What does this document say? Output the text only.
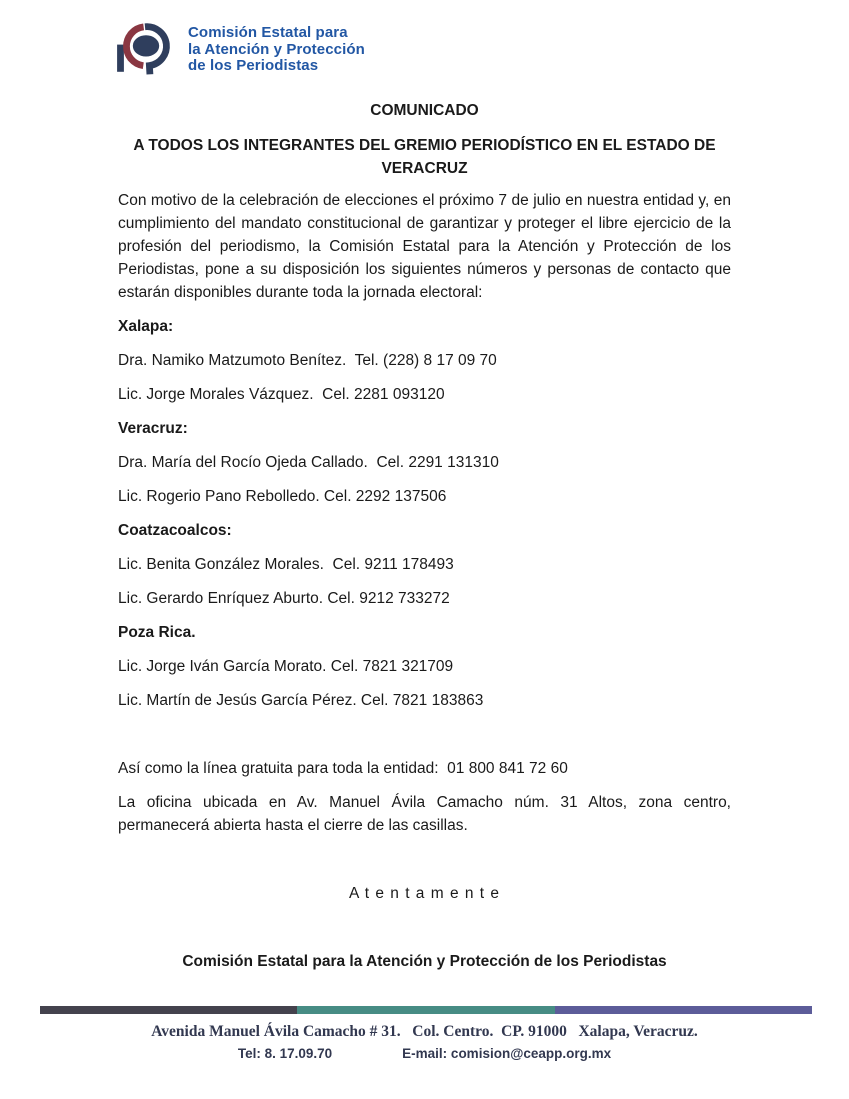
Comisión Estatal para
la Atención y Protección
de los Periodistas

COMUNICADO

A TODOS LOS INTEGRANTES DEL GREMIO PERIODÍSTICO EN EL ESTADO DE
VERACRUZ

Con motivo de la celebración de elecciones el próximo 7 de julio en nuestra entidad y, en cumplimiento del mandato constitucional de garantizar y proteger el libre ejercicio de la profesión del periodismo, la Comisión Estatal para la Atención y Protección de los Periodistas, pone a su disposición los siguientes números y personas de contacto que estarán disponibles durante toda la jornada electoral:

Xalapa:

Dra. Namiko Matzumoto Benítez.  Tel. (228) 8 17 09 70

Lic. Jorge Morales Vázquez.  Cel. 2281 093120

Veracruz:

Dra. María del Rocío Ojeda Callado.  Cel. 2291 131310

Lic. Rogerio Pano Rebolledo. Cel. 2292 137506

Coatzacoalcos:

Lic. Benita González Morales.  Cel. 9211 178493

Lic. Gerardo Enríquez Aburto. Cel. 9212 733272

Poza Rica.

Lic. Jorge Iván García Morato. Cel. 7821 321709

Lic. Martín de Jesús García Pérez. Cel. 7821 183863

Así como la línea gratuita para toda la entidad:  01 800 841 72 60

La oficina ubicada en Av. Manuel Ávila Camacho núm. 31 Altos, zona centro, permanecerá abierta hasta el cierre de las casillas.

A t e n t a m e n t e

Comisión Estatal para la Atención y Protección de los Periodistas

Avenida Manuel Ávila Camacho # 31.   Col. Centro.  CP. 91000   Xalapa, Veracruz.
Tel: 8. 17.09.70	E-mail: comision@ceapp.org.mx
